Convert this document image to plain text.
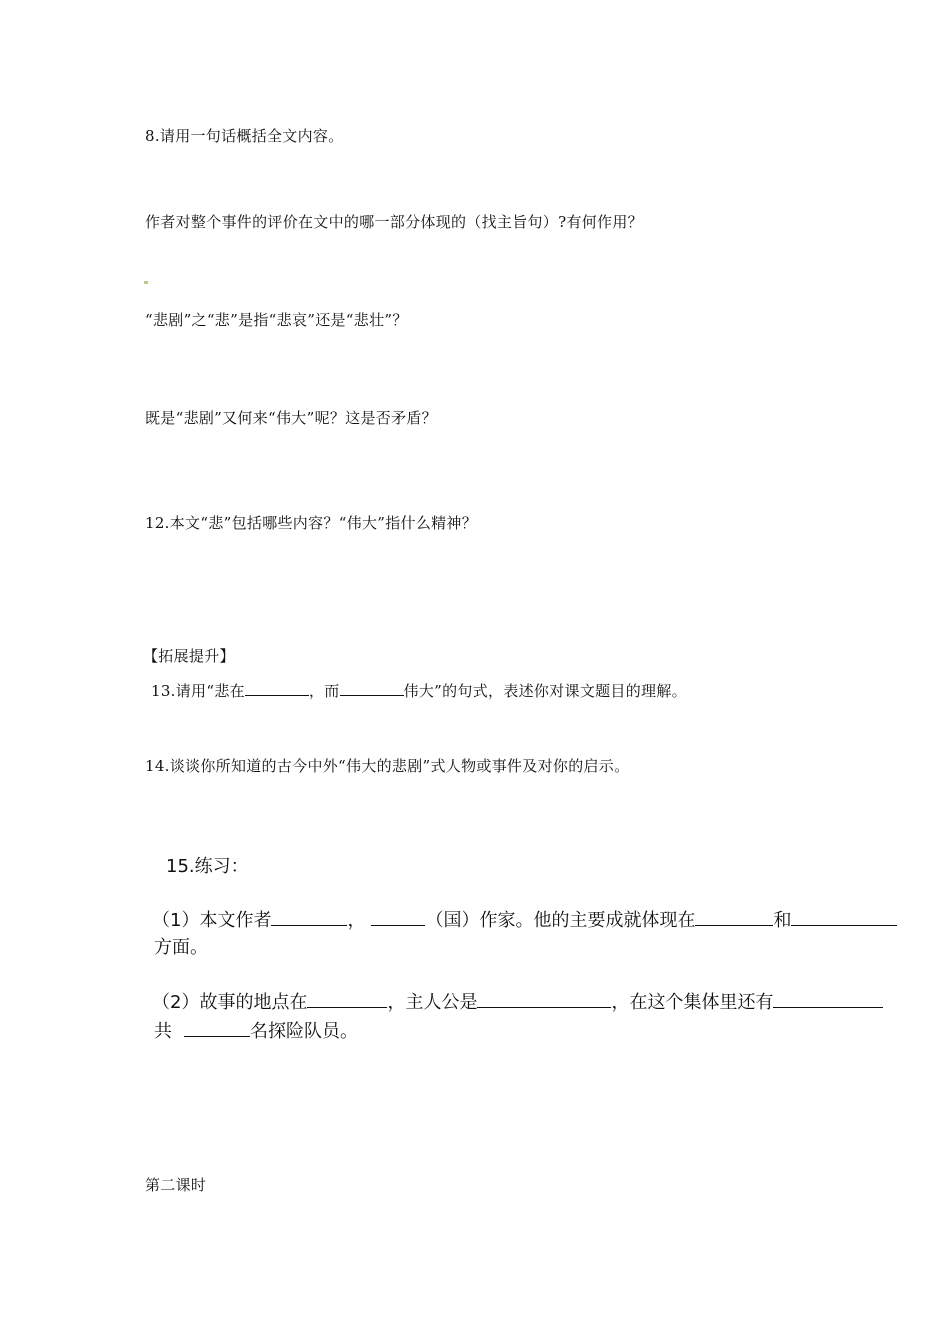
8.请用一句话概括全文内容。
作者对整个事件的评价在文中的哪一部分体现的（找主旨句）?有何作用？
“悲剧”之“悲”是指“悲哀”还是“悲壮”？
既是“悲剧”又何来“伟大”呢？这是否矛盾？
12.本文“悲”包括哪些内容？“伟大”指什么精神？
【拓展提升】
13.请用“悲在	，而	伟大”的句式，表述你对课文题目的理解。
14.谈谈你所知道的古今中外“伟大的悲剧”式人物或事件及对你的启示。
15.练习：
（1）本文作者	，	（国）作家。他的主要成就体现在	和
方面。
（2）故事的地点在	，主人公是	，在这个集体里还有
共	名探险队员。
第二课时
